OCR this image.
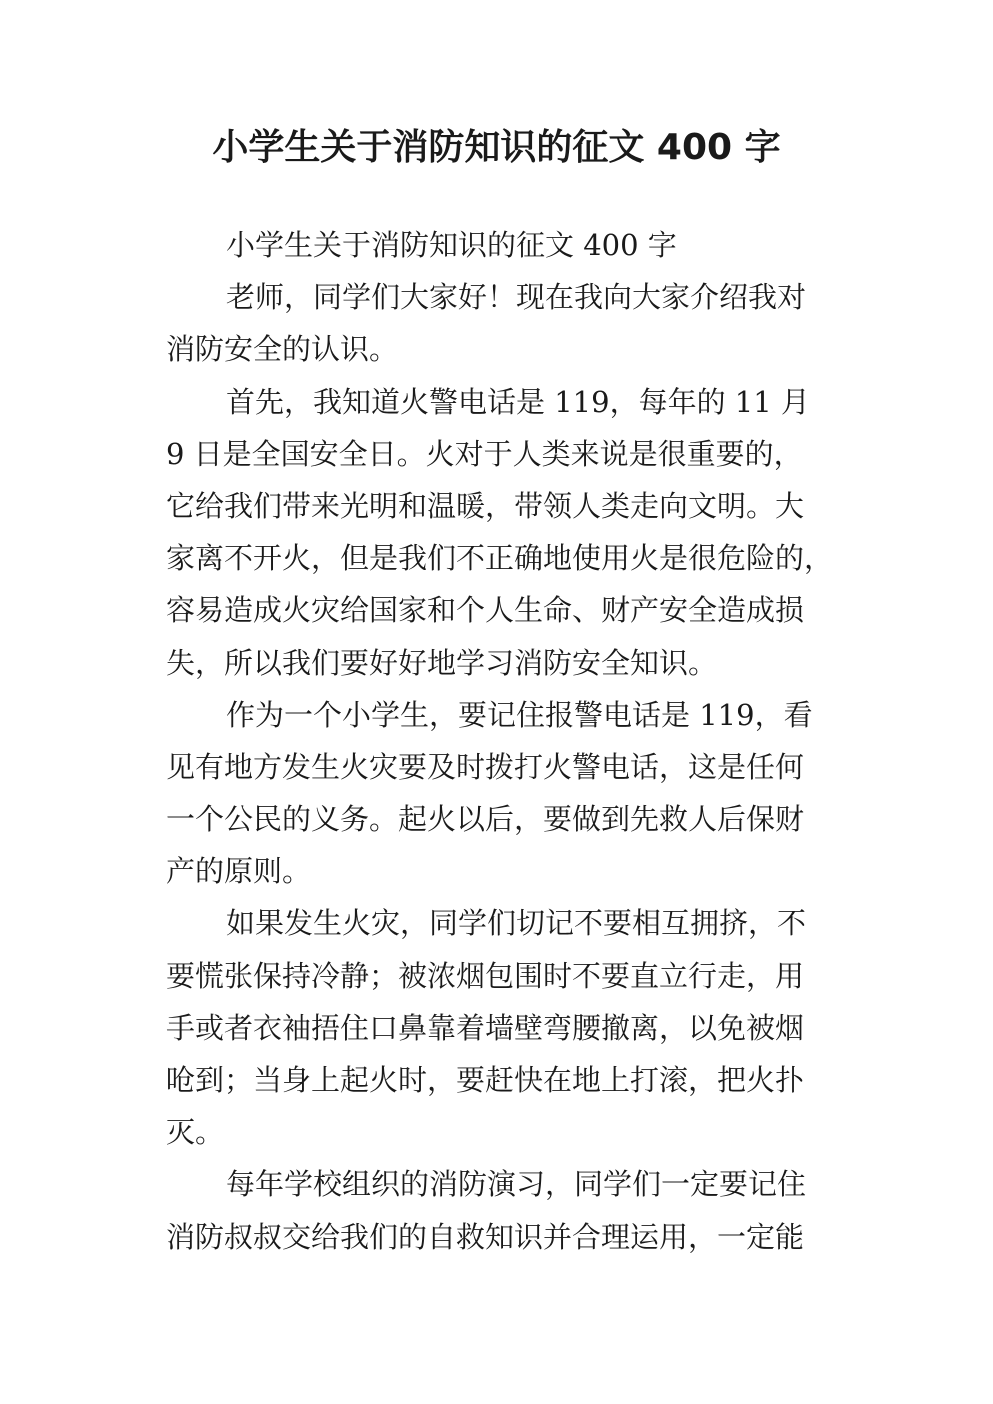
小学生关于消防知识的征文 400 字
小学生关于消防知识的征文 400 字
老师，同学们大家好！现在我向大家介绍我对
消防安全的认识。
首先，我知道火警电话是 119，每年的 11 月
9 日是全国安全日。火对于人类来说是很重要的，
它给我们带来光明和温暖，带领人类走向文明。大
家离不开火，但是我们不正确地使用火是很危险的，
容易造成火灾给国家和个人生命、财产安全造成损
失，所以我们要好好地学习消防安全知识。
作为一个小学生，要记住报警电话是 119，看
见有地方发生火灾要及时拨打火警电话，这是任何
一个公民的义务。起火以后，要做到先救人后保财
产的原则。
如果发生火灾，同学们切记不要相互拥挤，不
要慌张保持冷静；被浓烟包围时不要直立行走，用
手或者衣袖捂住口鼻靠着墙壁弯腰撤离，以免被烟
呛到；当身上起火时，要赶快在地上打滚，把火扑
灭。
每年学校组织的消防演习，同学们一定要记住
消防叔叔交给我们的自救知识并合理运用，一定能
